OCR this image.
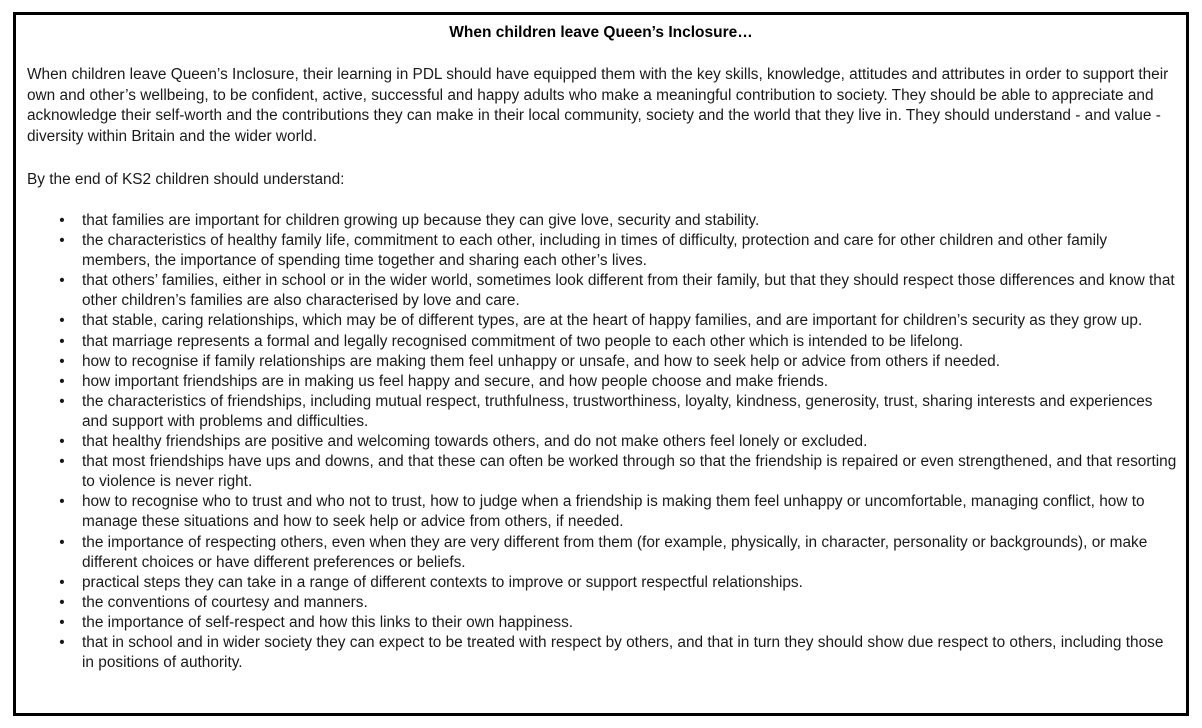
When children leave Queen’s Inclosure…

When children leave Queen’s Inclosure, their learning in PDL should have equipped them with the key skills, knowledge, attitudes and attributes in order to support their own and other’s wellbeing, to be confident, active, successful and happy adults who make a meaningful contribution to society. They should be able to appreciate and acknowledge their self-worth and the contributions they can make in their local community, society and the world that they live in. They should understand - and value - diversity within Britain and the wider world.

By the end of KS2 children should understand:

• that families are important for children growing up because they can give love, security and stability.
• the characteristics of healthy family life, commitment to each other, including in times of difficulty, protection and care for other children and other family members, the importance of spending time together and sharing each other’s lives.
• that others’ families, either in school or in the wider world, sometimes look different from their family, but that they should respect those differences and know that other children’s families are also characterised by love and care.
• that stable, caring relationships, which may be of different types, are at the heart of happy families, and are important for children’s security as they grow up.
• that marriage represents a formal and legally recognised commitment of two people to each other which is intended to be lifelong.
• how to recognise if family relationships are making them feel unhappy or unsafe, and how to seek help or advice from others if needed.
• how important friendships are in making us feel happy and secure, and how people choose and make friends.
• the characteristics of friendships, including mutual respect, truthfulness, trustworthiness, loyalty, kindness, generosity, trust, sharing interests and experiences and support with problems and difficulties.
• that healthy friendships are positive and welcoming towards others, and do not make others feel lonely or excluded.
• that most friendships have ups and downs, and that these can often be worked through so that the friendship is repaired or even strengthened, and that resorting to violence is never right.
• how to recognise who to trust and who not to trust, how to judge when a friendship is making them feel unhappy or uncomfortable, managing conflict, how to manage these situations and how to seek help or advice from others, if needed.
• the importance of respecting others, even when they are very different from them (for example, physically, in character, personality or backgrounds), or make different choices or have different preferences or beliefs.
• practical steps they can take in a range of different contexts to improve or support respectful relationships.
• the conventions of courtesy and manners.
• the importance of self-respect and how this links to their own happiness.
• that in school and in wider society they can expect to be treated with respect by others, and that in turn they should show due respect to others, including those in positions of authority.
